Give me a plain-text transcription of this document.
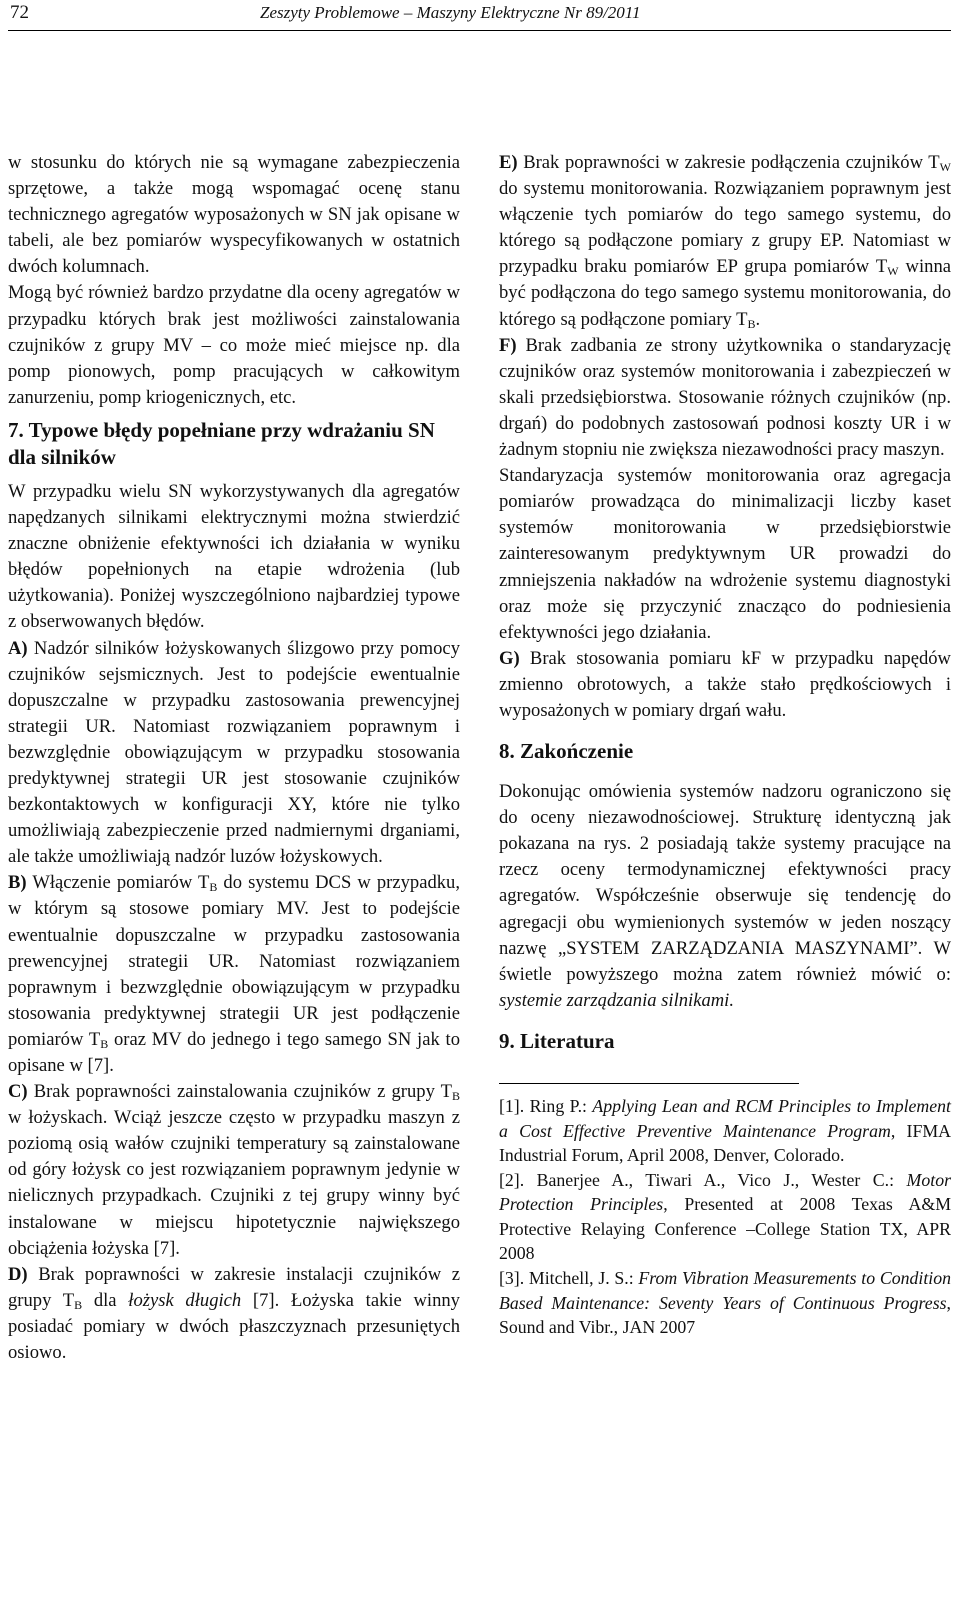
72	Zeszyty Problemowe – Maszyny Elektryczne Nr 89/2011

w stosunku do których nie są wymagane zabezpieczenia sprzętowe, a także mogą wspomagać ocenę stanu technicznego agregatów wyposażonych w SN jak opisane w tabeli, ale bez pomiarów wyspecyfikowanych w ostatnich dwóch kolumnach.

Mogą być również bardzo przydatne dla oceny agregatów w przypadku których brak jest możliwości zainstalowania czujników z grupy MV – co może mieć miejsce np. dla pomp pionowych, pomp pracujących w całkowitym zanurzeniu, pomp kriogenicznych, etc.

7. Typowe błędy popełniane przy wdrażaniu SN dla silników

W przypadku wielu SN wykorzystywanych dla agregatów napędzanych silnikami elektrycznymi można stwierdzić znaczne obniżenie efektywności ich działania w wyniku błędów popełnionych na etapie wdrożenia (lub użytkowania). Poniżej wyszczególniono najbardziej typowe z obserwowanych błędów.

A) Nadzór silników łożyskowanych ślizgowo przy pomocy czujników sejsmicznych. Jest to podejście ewentualnie dopuszczalne w przypadku zastosowania prewencyjnej strategii UR. Natomiast rozwiązaniem poprawnym i bezwzględnie obowiązującym w przypadku stosowania predyktywnej strategii UR jest stosowanie czujników bezkontaktowych w konfiguracji XY, które nie tylko umożliwiają zabezpieczenie przed nadmiernymi drganiami, ale także umożliwiają nadzór luzów łożyskowych.

B) Włączenie pomiarów $T_B$ do systemu DCS w przypadku, w którym są stosowe pomiary MV. Jest to podejście ewentualnie dopuszczalne w przypadku zastosowania prewencyjnej strategii UR. Natomiast rozwiązaniem poprawnym i bezwzględnie obowiązującym w przypadku stosowania predyktywnej strategii UR jest podłączenie pomiarów $T_B$ oraz MV do jednego i tego samego SN jak to opisane w [7].

C) Brak poprawności zainstalowania czujników z grupy $T_B$ w łożyskach. Wciąż jeszcze często w przypadku maszyn z poziomą osią wałów czujniki temperatury są zainstalowane od góry łożysk co jest rozwiązaniem poprawnym jedynie w nielicznych przypadkach. Czujniki z tej grupy winny być instalowane w miejscu hipotetycznie największego obciążenia łożyska [7].

D) Brak poprawności w zakresie instalacji czujników z grupy $T_B$ dla łożysk długich [7]. Łożyska takie winny posiadać pomiary w dwóch płaszczyznach przesuniętych osiowo.

E) Brak poprawności w zakresie podłączenia czujników $T_W$ do systemu monitorowania. Rozwiązaniem poprawnym jest włączenie tych pomiarów do tego samego systemu, do którego są podłączone pomiary z grupy EP. Natomiast w przypadku braku pomiarów EP grupa pomiarów $T_W$ winna być podłączona do tego samego systemu monitorowania, do którego są podłączone pomiary $T_B$.

F) Brak zadbania ze strony użytkownika o standaryzację czujników oraz systemów monitorowania i zabezpieczeń w skali przedsiębiorstwa. Stosowanie różnych czujników (np. drgań) do podobnych zastosowań podnosi koszty UR i w żadnym stopniu nie zwiększa niezawodności pracy maszyn.

Standaryzacja systemów monitorowania oraz agregacja pomiarów prowadząca do minimalizacji liczby kaset systemów monitorowania w przedsiębiorstwie zainteresowanym predyktywnym UR prowadzi do zmniejszenia nakładów na wdrożenie systemu diagnostyki oraz może się przyczynić znacząco do podniesienia efektywności jego działania.

G) Brak stosowania pomiaru kF w przypadku napędów zmienno obrotowych, a także stało prędkościowych i wyposażonych w pomiary drgań wału.

8. Zakończenie

Dokonując omówienia systemów nadzoru ograniczono się do oceny niezawodnościowej. Strukturę identyczną jak pokazana na rys. 2 posiadają także systemy pracujące na rzecz oceny termodynamicznej efektywności pracy agregatów. Współcześnie obserwuje się tendencję do agregacji obu wymienionych systemów w jeden noszący nazwę „SYSTEM ZARZĄDZANIA MASZYNAMI”. W świetle powyższego można zatem również mówić o: systemie zarządzania silnikami.

9. Literatura

[1]. Ring P.: Applying Lean and RCM Principles to Implement a Cost Effective Preventive Maintenance Program, IFMA Industrial Forum, April 2008, Denver, Colorado.

[2]. Banerjee A., Tiwari A., Vico J., Wester C.: Motor Protection Principles, Presented at 2008 Texas A&M Protective Relaying Conference –College Station TX, APR 2008

[3]. Mitchell, J. S.: From Vibration Measurements to Condition Based Maintenance: Seventy Years of Continuous Progress, Sound and Vibr., JAN 2007
